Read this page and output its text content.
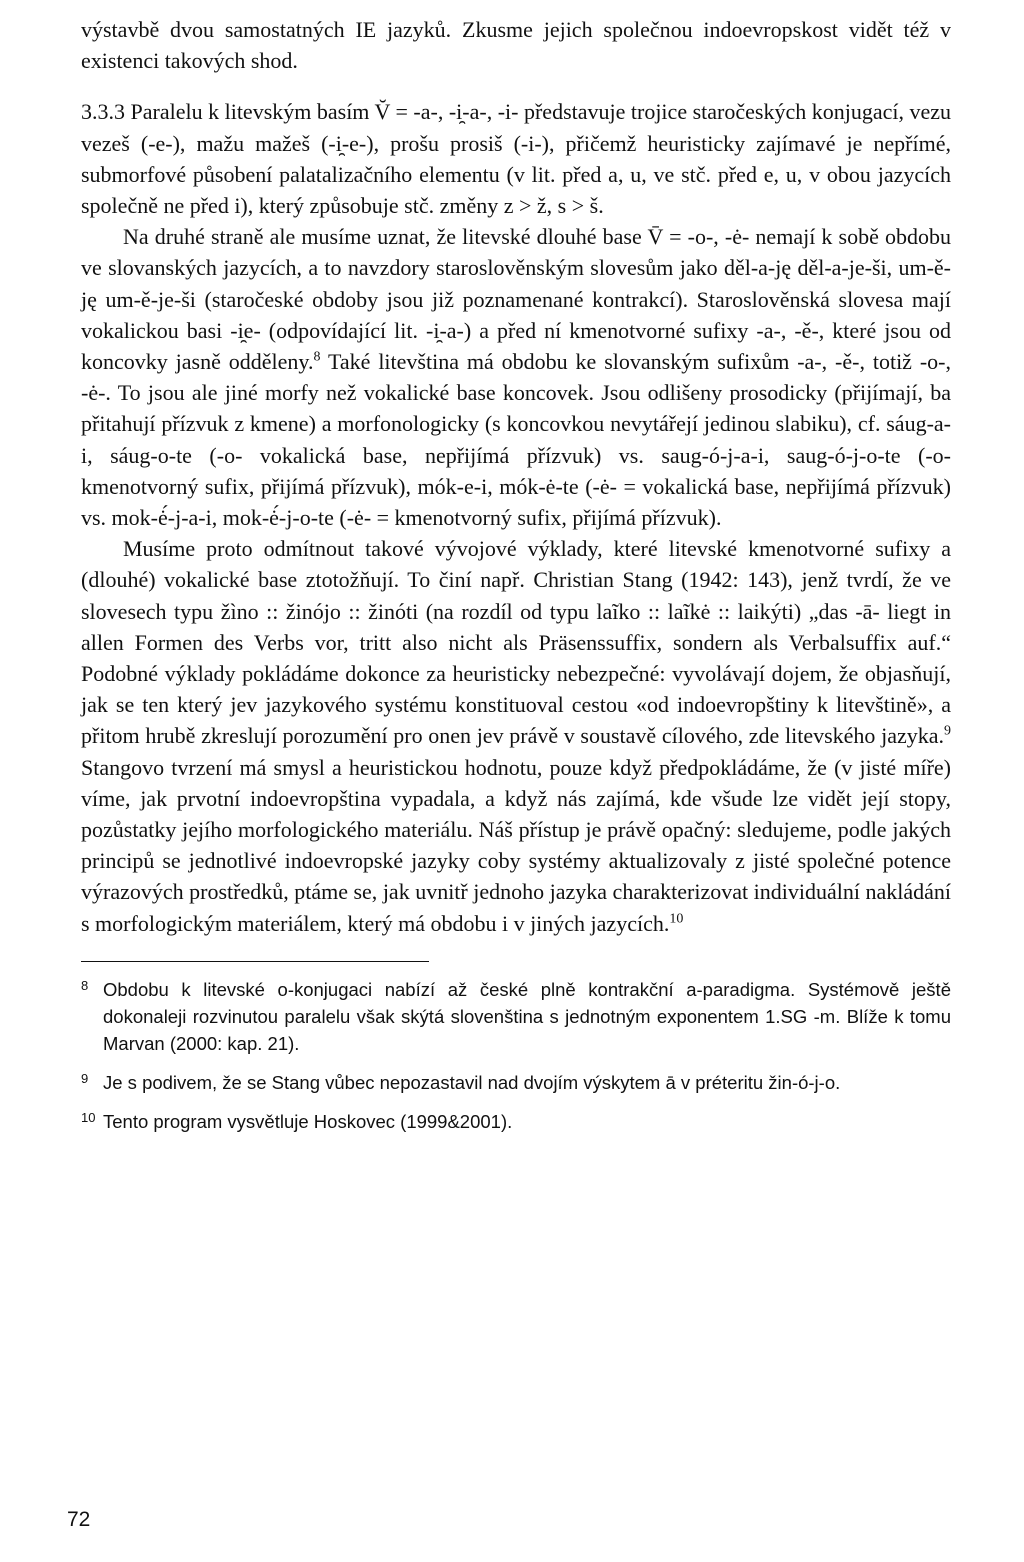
výstavbě dvou samostatných IE jazyků. Zkusme jejich společnou indoevropskost vidět též v existenci takových shod.

3.3.3 Paralelu k litevským basím V̆ = -a-, -i̯-a-, -i- představuje trojice staročeských konjugací, vezu vezeš (-e-), mažu mažeš (-i̯-e-), prošu prosiš (-i-), přičemž heuristicky zajímavé je nepřímé, submorfové působení palatalizačního elementu (v lit. před a, u, ve stč. před e, u, v obou jazycích společně ne před i), který způsobuje stč. změny z > ž, s > š.

Na druhé straně ale musíme uznat, že litevské dlouhé base V̄ = -o-, -ė- nemají k sobě obdobu ve slovanských jazycích, a to navzdory staroslověnským slovesům jako děl-a-ję děl-a-je-ši, um-ě-ję um-ě-je-ši (staročeské obdoby jsou již poznamenané kontrakcí). Staroslověnská slovesa mají vokalickou basi -i̯e- (odpovídající lit. -i̯-a-) a před ní kmenotvorné sufixy -a-, -ě-, které jsou od koncovky jasně odděleny.$^8$ Také litevština má obdobu ke slovanským sufixům -a-, -ě-, totiž -o-, -ė-. To jsou ale jiné morfy než vokalické base koncovek. Jsou odlišeny prosodicky (přijímají, ba přitahují přízvuk z kmene) a morfonologicky (s koncovkou nevytářejí jedinou slabiku), cf. sáug-a-i, sáug-o-te (-o- vokalická base, nepřijímá přízvuk) vs. saug-ó-j-a-i, saug-ó-j-o-te (-o- kmenotvorný sufix, přijímá přízvuk), mók-e-i, mók-ė-te (-ė- = vokalická base, nepřijímá přízvuk) vs. mok-ė́-j-a-i, mok-ė́-j-o-te (-ė- = kmenotvorný sufix, přijímá přízvuk).

Musíme proto odmítnout takové vývojové výklady, které litevské kmenotvorné sufixy a (dlouhé) vokalické base ztotožňují. To činí např. Christian Stang (1942: 143), jenž tvrdí, že ve slovesech typu žìno :: žinójo :: žinóti (na rozdíl od typu laĩko :: laĩkė :: laikýti) „das -ā- liegt in allen Formen des Verbs vor, tritt also nicht als Präsenssuffix, sondern als Verbalsuffix auf.“ Podobné výklady pokládáme dokonce za heuristicky nebezpečné: vyvolávají dojem, že objasňují, jak se ten který jev jazykového systému konstituoval cestou «od indoevropštiny k litevštině», a přitom hrubě zkreslují porozumění pro onen jev právě v soustavě cílového, zde litevského jazyka.$^9$ Stangovo tvrzení má smysl a heuristickou hodnotu, pouze když předpokládáme, že (v jisté míře) víme, jak prvotní indoevropština vypadala, a když nás zajímá, kde všude lze vidět její stopy, pozůstatky jejího morfologického materiálu. Náš přístup je právě opačný: sledujeme, podle jakých principů se jednotlivé indoevropské jazyky coby systémy aktualizovaly z jisté společné potence výrazových prostředků, ptáme se, jak uvnitř jednoho jazyka charakterizovat individuální nakládání s morfologickým materiálem, který má obdobu i v jiných jazycích.$^{10}$

8 Obdobu k litevské o-konjugaci nabízí až české plně kontrakční a-paradigma. Systémově ještě dokonaleji rozvinutou paralelu však skýtá slovenština s jednotným exponentem 1.SG -m. Blíže k tomu Marvan (2000: kap. 21).
9 Je s podivem, že se Stang vůbec nepozastavil nad dvojím výskytem ā v préteritu žin-ó-j-o.
10 Tento program vysvětluje Hoskovec (1999&2001).
72
